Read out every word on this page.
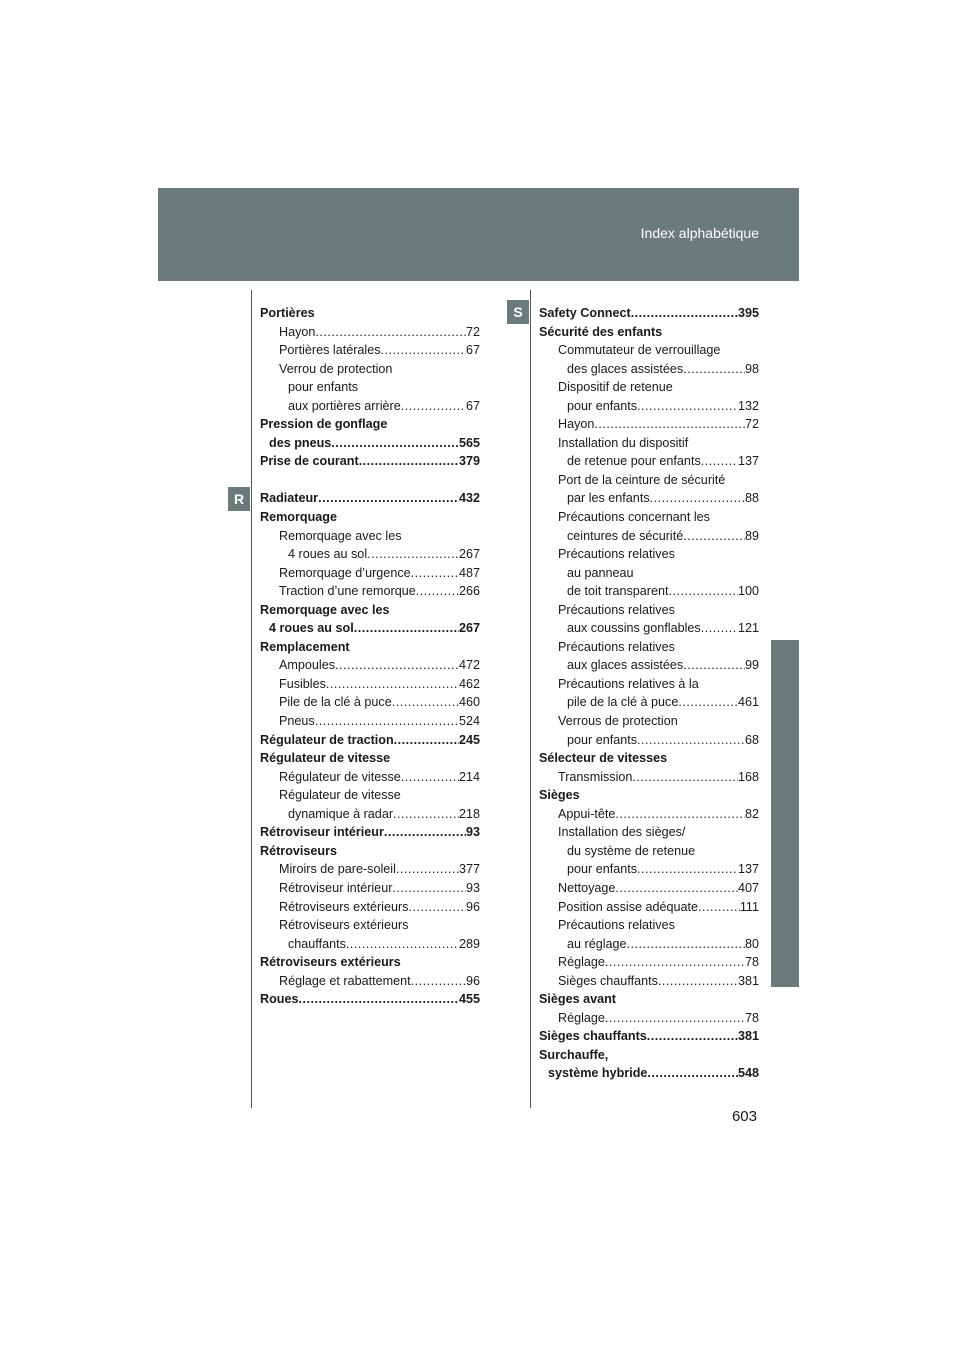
Index alphabétique
R
S
Portières
Hayon .....	72
Portières latérales .....	67
Verrou de protection
pour enfants
aux portières arrière .....	67
Pression de gonflage
des pneus .....	565
Prise de courant .....	379
Radiateur .....	432
Remorquage
Remorquage avec les
4 roues au sol .....	267
Remorquage d’urgence .....	487
Traction d’une remorque .....	266
Remorquage avec les
4 roues au sol .....	267
Remplacement
Ampoules .....	472
Fusibles .....	462
Pile de la clé à puce .....	460
Pneus .....	524
Régulateur de traction .....	245
Régulateur de vitesse
Régulateur de vitesse .....	214
Régulateur de vitesse
dynamique à radar .....	218
Rétroviseur intérieur .....	93
Rétroviseurs
Miroirs de pare-soleil .....	377
Rétroviseur intérieur .....	93
Rétroviseurs extérieurs .....	96
Rétroviseurs extérieurs
chauffants .....	289
Rétroviseurs extérieurs
Réglage et rabattement .....	96
Roues .....	455
Safety Connect .....	395
Sécurité des enfants
Commutateur de verrouillage
des glaces assistées .....	98
Dispositif de retenue
pour enfants .....	132
Hayon .....	72
Installation du dispositif
de retenue pour enfants .....	137
Port de la ceinture de sécurité
par les enfants .....	88
Précautions concernant les
ceintures de sécurité .....	89
Précautions relatives
au panneau
de toit transparent .....	100
Précautions relatives
aux coussins gonflables .....	121
Précautions relatives
aux glaces assistées .....	99
Précautions relatives à la
pile de la clé à puce .....	461
Verrous de protection
pour enfants .....	68
Sélecteur de vitesses
Transmission .....	168
Sièges
Appui-tête .....	82
Installation des sièges/
du système de retenue
pour enfants .....	137
Nettoyage .....	407
Position assise adéquate .....	111
Précautions relatives
au réglage .....	80
Réglage .....	78
Sièges chauffants .....	381
Sièges avant
Réglage .....	78
Sièges chauffants .....	381
Surchauffe,
système hybride .....	548
603
